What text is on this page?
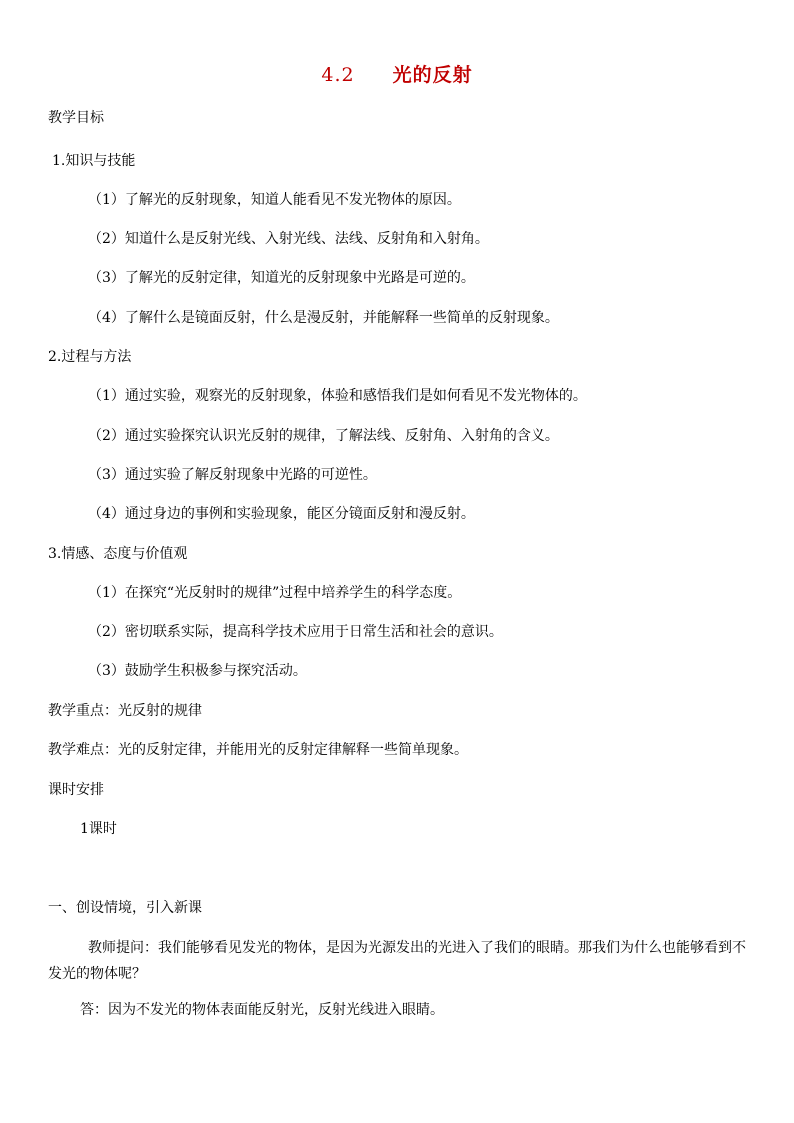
4.2 光的反射
教学目标
1.知识与技能
（1）了解光的反射现象，知道人能看见不发光物体的原因。
（2）知道什么是反射光线、入射光线、法线、反射角和入射角。
（3）了解光的反射定律，知道光的反射现象中光路是可逆的。
（4）了解什么是镜面反射，什么是漫反射，并能解释一些简单的反射现象。
2.过程与方法
（1）通过实验，观察光的反射现象，体验和感悟我们是如何看见不发光物体的。
（2）通过实验探究认识光反射的规律，了解法线、反射角、入射角的含义。
（3）通过实验了解反射现象中光路的可逆性。
（4）通过身边的事例和实验现象，能区分镜面反射和漫反射。
3.情感、态度与价值观
（1）在探究“光反射时的规律”过程中培养学生的科学态度。
（2）密切联系实际，提高科学技术应用于日常生活和社会的意识。
（3）鼓励学生积极参与探究活动。
教学重点：光反射的规律
教学难点：光的反射定律，并能用光的反射定律解释一些简单现象。
课时安排
1课时
一、创设情境，引入新课
教师提问：我们能够看见发光的物体，是因为光源发出的光进入了我们的眼睛。那我们为什么也能够看到不发光的物体呢？
答：因为不发光的物体表面能反射光，反射光线进入眼睛。
